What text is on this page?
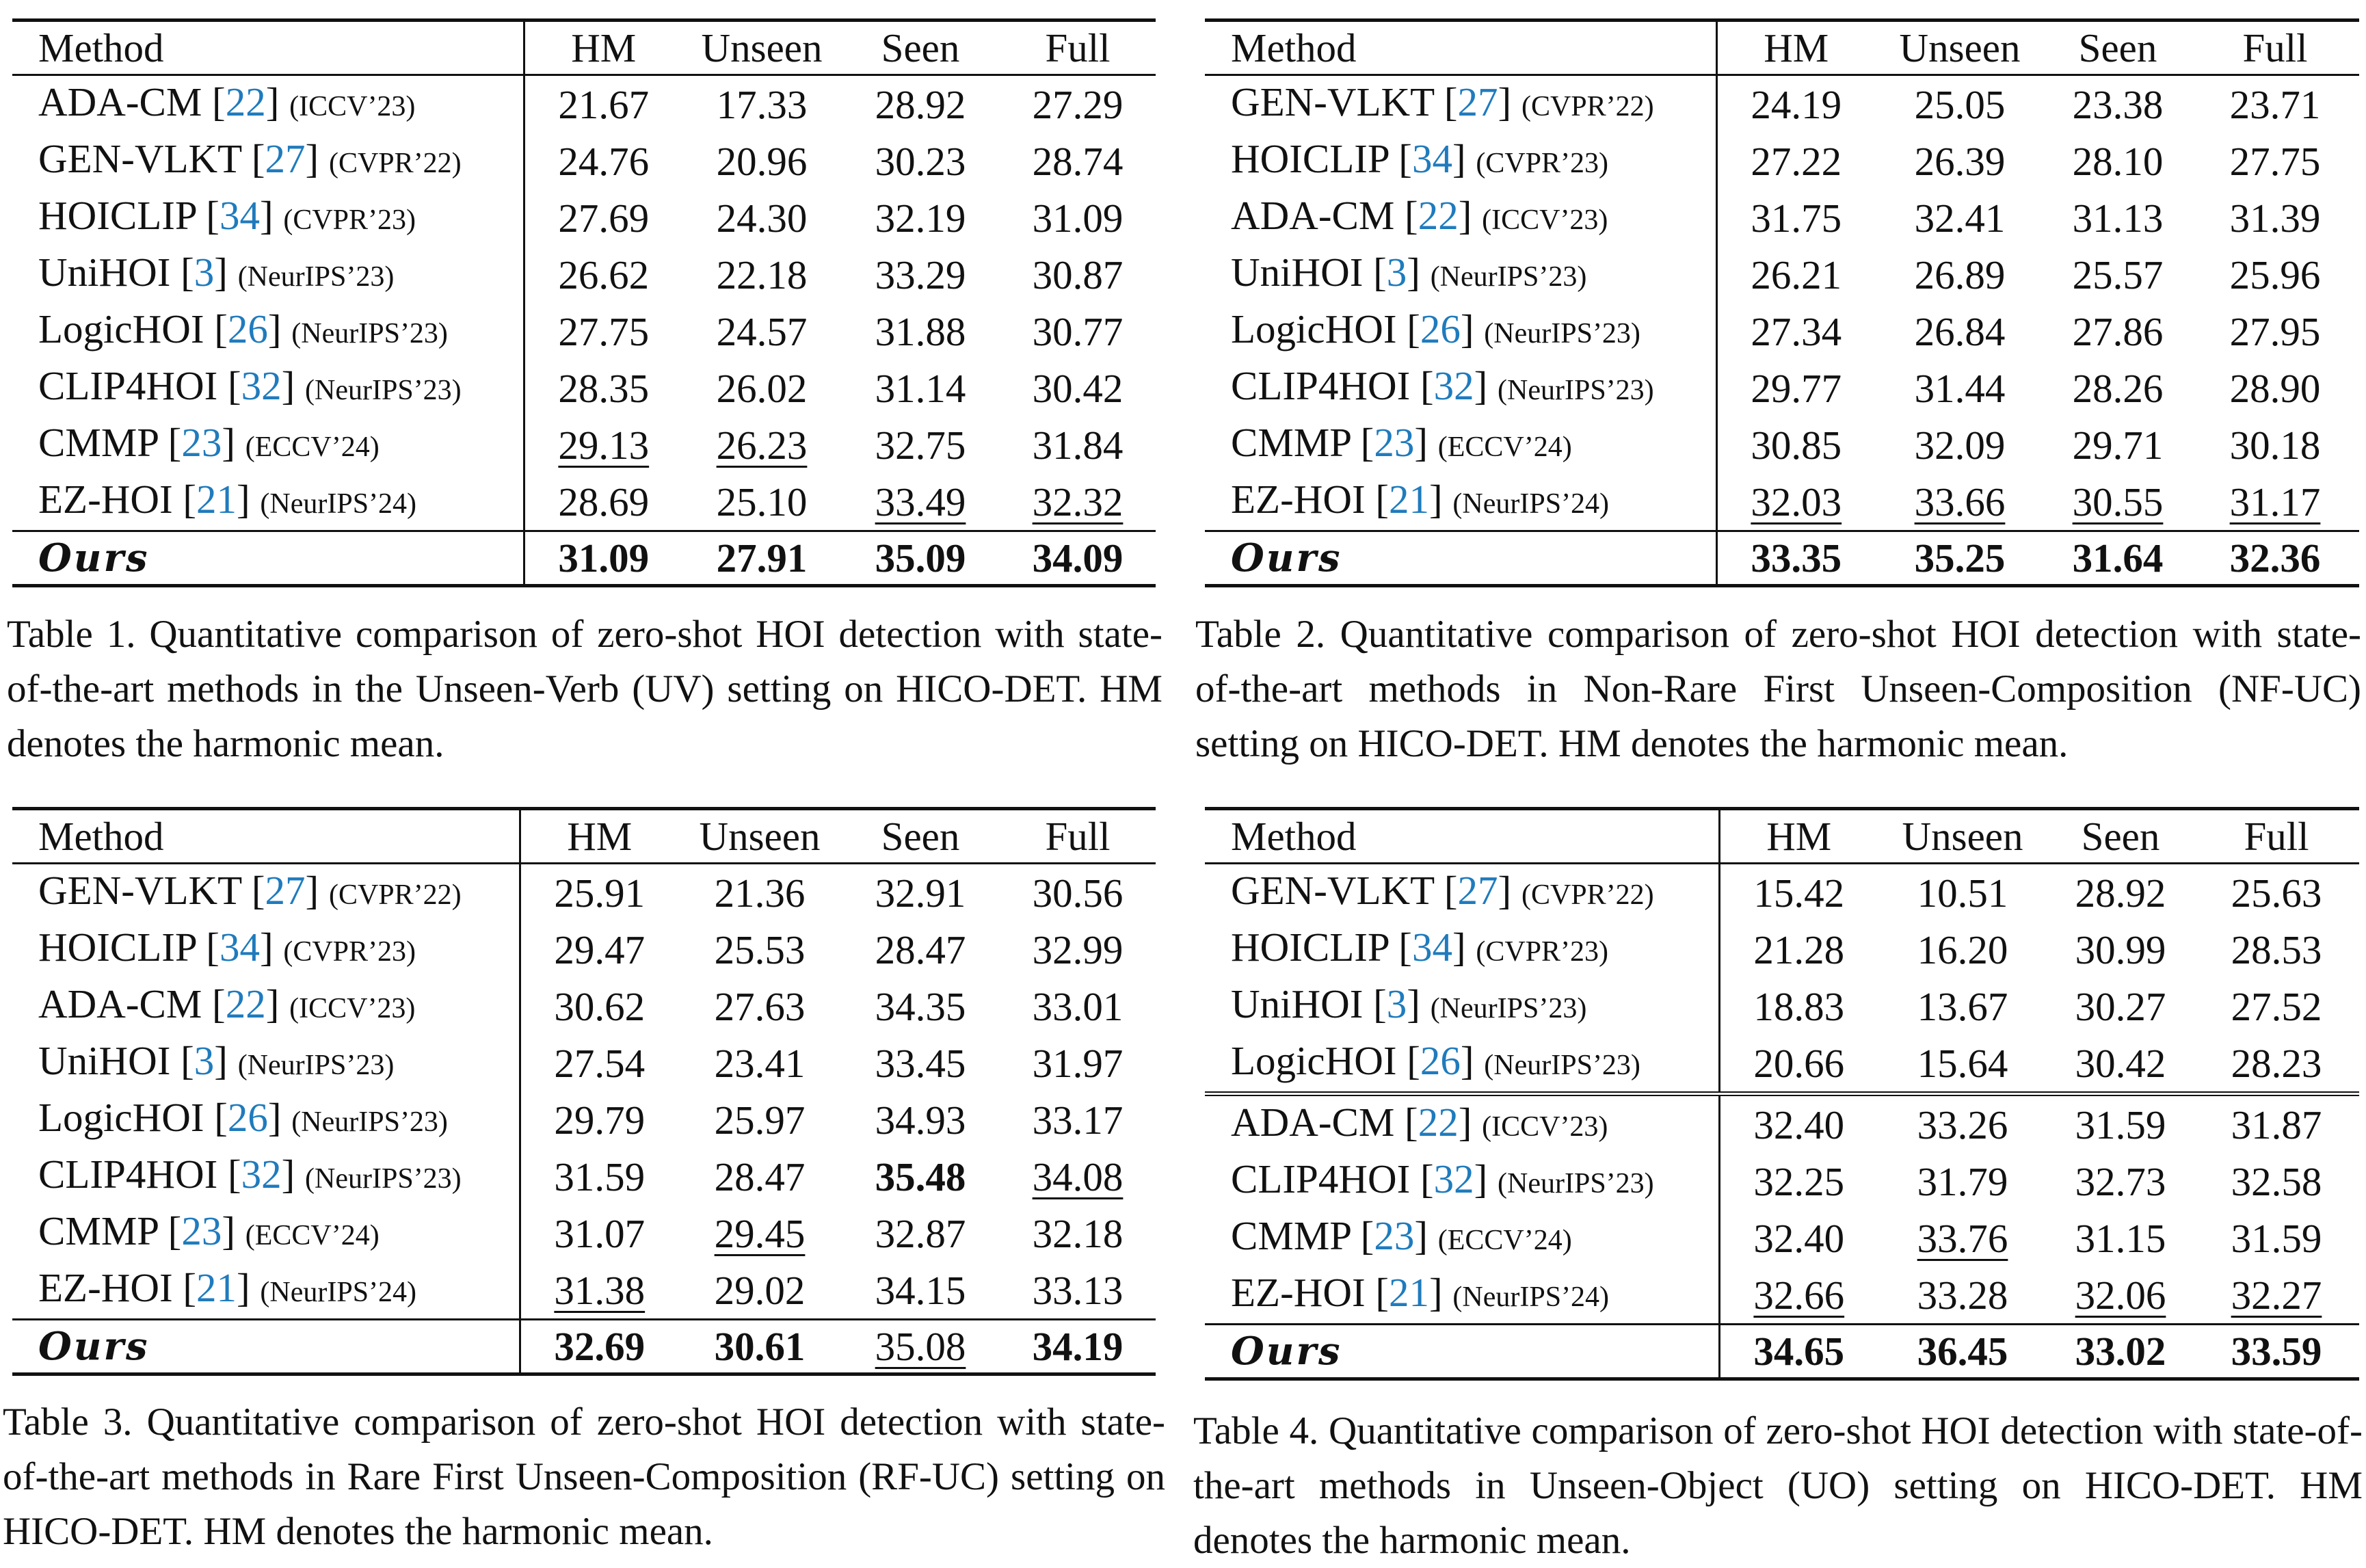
Method	HM	Unseen	Seen	Full
ADA-CM [22] (ICCV’23)	21.67	17.33	28.92	27.29
GEN-VLKT [27] (CVPR’22)	24.76	20.96	30.23	28.74
HOICLIP [34] (CVPR’23)	27.69	24.30	32.19	31.09
UniHOI [3] (NeurIPS’23)	26.62	22.18	33.29	30.87
LogicHOI [26] (NeurIPS’23)	27.75	24.57	31.88	30.77
CLIP4HOI [32] (NeurIPS’23)	28.35	26.02	31.14	30.42
CMMP [23] (ECCV’24)	29.13	26.23	32.75	31.84
EZ-HOI [21] (NeurIPS’24)	28.69	25.10	33.49	32.32
Ours	31.09	27.91	35.09	34.09
Table 1. Quantitative comparison of zero-shot HOI detection with state-of-the-art methods in the Unseen-Verb (UV) setting on HICO-DET. HM denotes the harmonic mean.
Method	HM	Unseen	Seen	Full
GEN-VLKT [27] (CVPR’22)	24.19	25.05	23.38	23.71
HOICLIP [34] (CVPR’23)	27.22	26.39	28.10	27.75
ADA-CM [22] (ICCV’23)	31.75	32.41	31.13	31.39
UniHOI [3] (NeurIPS’23)	26.21	26.89	25.57	25.96
LogicHOI [26] (NeurIPS’23)	27.34	26.84	27.86	27.95
CLIP4HOI [32] (NeurIPS’23)	29.77	31.44	28.26	28.90
CMMP [23] (ECCV’24)	30.85	32.09	29.71	30.18
EZ-HOI [21] (NeurIPS’24)	32.03	33.66	30.55	31.17
Ours	33.35	35.25	31.64	32.36
Table 2. Quantitative comparison of zero-shot HOI detection with state-of-the-art methods in Non-Rare First Unseen-Composition (NF-UC) setting on HICO-DET. HM denotes the harmonic mean.
Method	HM	Unseen	Seen	Full
GEN-VLKT [27] (CVPR’22)	25.91	21.36	32.91	30.56
HOICLIP [34] (CVPR’23)	29.47	25.53	28.47	32.99
ADA-CM [22] (ICCV’23)	30.62	27.63	34.35	33.01
UniHOI [3] (NeurIPS’23)	27.54	23.41	33.45	31.97
LogicHOI [26] (NeurIPS’23)	29.79	25.97	34.93	33.17
CLIP4HOI [32] (NeurIPS’23)	31.59	28.47	35.48	34.08
CMMP [23] (ECCV’24)	31.07	29.45	32.87	32.18
EZ-HOI [21] (NeurIPS’24)	31.38	29.02	34.15	33.13
Ours	32.69	30.61	35.08	34.19
Table 3. Quantitative comparison of zero-shot HOI detection with state-of-the-art methods in Rare First Unseen-Composition (RF-UC) setting on HICO-DET. HM denotes the harmonic mean.
Method	HM	Unseen	Seen	Full
GEN-VLKT [27] (CVPR’22)	15.42	10.51	28.92	25.63
HOICLIP [34] (CVPR’23)	21.28	16.20	30.99	28.53
UniHOI [3] (NeurIPS’23)	18.83	13.67	30.27	27.52
LogicHOI [26] (NeurIPS’23)	20.66	15.64	30.42	28.23
ADA-CM [22] (ICCV’23)	32.40	33.26	31.59	31.87
CLIP4HOI [32] (NeurIPS’23)	32.25	31.79	32.73	32.58
CMMP [23] (ECCV’24)	32.40	33.76	31.15	31.59
EZ-HOI [21] (NeurIPS’24)	32.66	33.28	32.06	32.27
Ours	34.65	36.45	33.02	33.59
Table 4. Quantitative comparison of zero-shot HOI detection with state-of-the-art methods in Unseen-Object (UO) setting on HICO-DET. HM denotes the harmonic mean.
